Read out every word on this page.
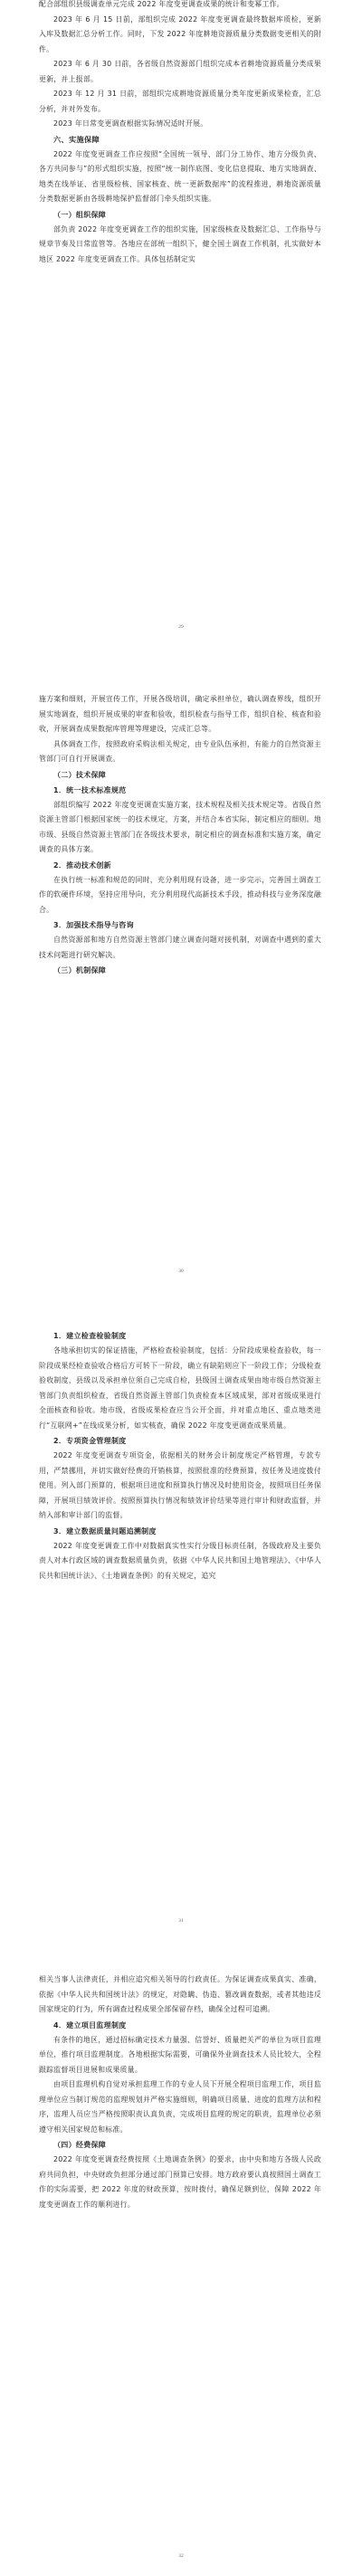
配合部组织县级调查单元完成 2022 年度变更调查成果的统计和变幂工作。

2023 年 6 月 15 日前，部组织完成 2022 年度变更调查最终数据库质检，更新入库及数据汇总分析工作。同时，下发 2022 年度耕地资源质量分类数据变更相关的附件。

2023 年 6 月 30 日前，各省级自然资源部门组织完成本省耕地资源质量分类成果更新，并上报部。

2023 年 12 月 31 日前，部组织完成耕地资源质量分类年度更新成果检查，汇总分析，并对外发布。

2023 年日常变更调查根据实际情况适时开展。

六、实施保障

2022 年度变更调查工作应按照“全国统一领导、部门分工协作、地方分级负责、各方共同参与”的形式组织实施，按照“统一制作底图、变化信息提取、地方实地调查、地类在线举证、省里级检核、国家核查、统一更新数据库”的流程推进，耕地资源质量分类数据更新由各级耕地保护监督部门牵头组织实施。

（一）组织保障

部负责 2022 年度变更调查工作的组织实施，国家级核查及数据汇总、工作指导与规章节奏及日常监管等。各地应在部统一组织下，健全国土调查工作机制，扎实做好本地区 2022 年度变更调查工作。具体包括制定实

29

施方案和细则，开展宣传工作，开展各级培训，确定承担单位，确认调查界线，组织开展实地调查，组织开展成果的审查和验收，组织检查与指导工作，组织自检、核查和验收，开展调查成果数据库管理等理建设，完成汇总等。

具体调查工作，按照政府采购法相关规定，由专业队伍承担，有能力的自然资源主管部门可自行开展调查。

（二）技术保障

1．统一技术标准规范

部组织编写 2022 年度变更调查实施方案，技术规程及相关技术规定等。省级自然资源主管部门根据国家统一的技术规定，方案，并结合本省实际，制定相应的细则。地市级、县级自然资源主管部门在各级技术要求，制定相应的调查标准和实施方案，确定调查的具体方案。

2．推动技术创新

在执行统一标准和规范的同时，充分利用现有设备，进一步完示，完善国土调查工作的软硬件环境，坚持应用导向，充分利用现代高新技术手段，推动科技与业务深度融合。

3．加强技术指导与咨询

自然资源部和地方自然资源主管部门建立调查问题对接机制，对调查中遇到的重大技术问题进行研究解决。

（三）机制保障

30

1．建立检查检验制度

各地承担切实的保证措施，严格检查检验制度，包括：分阶段成果检查验收，每一阶段成果经检查验收合格后方可转下一阶段，确立有缺陷则应下一阶段工作；分级检查验收制度，县级以及承担单位须自己完成自检，县级国土调查成果由地市级自然资源主管部门负责组织检查，省级自然资源主管部门负责检查本区域成果，部对省级成果进行全面核查和验收。地市级，省级成果检查应当公开全面，并对重点地区、重点地类进行“互联网+”在线成果分析，如实核查，确保 2022 年度变更调查成果质量。

2．专项资金管理制度

2022 年度变更调查专项资金，依据相关的财务会计制度规定严格管理，专款专用，严禁挪用，并切实做好经费的开销核算，按照批准的经费预算，按任务及进度拨付使用。列入部门预算的，根据项目进度和预算执行情况及时使用资金，按照项目任务保障，开展项目绩效评价。按照预算执行情况和绩效评价结果等进行审计和财政监督，并纳入部和审计部门的监督。

3．建立数据质量问题追溯制度

2022 年度变更调查工作中对数据真实性实行分级目标责任制，各级政府及主要负责人对本行政区域的调查数据质量负责，依据《中华人民共和国土地管理法》、《中华人民共和国统计法》、《土地调查条例》的有关规定，追究

31

相关当事人法律责任，并相应追究相关领导的行政责任。为保证调查成果真实、准确，依据《中华人民共和国统计法》的规定，对隐瞒、伪造、篡改调查数据，或者其他违反国家规定的行为，所有调查过程成果全部保留存档，确保全过程可追溯。

4．建立项目监理制度

有条件的地区，通过招标确定技术力量强、信誉好、质量把关严的单位为项目监理单位，推行项目监理制度。各地根据实际需要，可确保外业调查技术人员比较大，全程跟踪监督项目进展和成果质量。

由项目监理机构自觉对承担监理工作的专业人员下开展全程项目监理工作，项目监理单位应当制订规范的监理规划并严格实施细则，明确项目质量、进度的监理方法和程序，监理人员应当严格按照职责认真负责，完成项目监理的规定的职责，监理单位必须遵守相关国家规范和标准。

（四）经费保障

2022 年度变更调查经费按照《土地调查条例》的要求，由中央和地方各级人民政府共同负担，中央财政负担部分通过部门预算已安排。地方政府要认真按照国土调查工作的实际需要，把 2022 年度的财政预算，按时拨付，确保足额到位，保障 2022 年度变更调查工作的顺利进行。

32
